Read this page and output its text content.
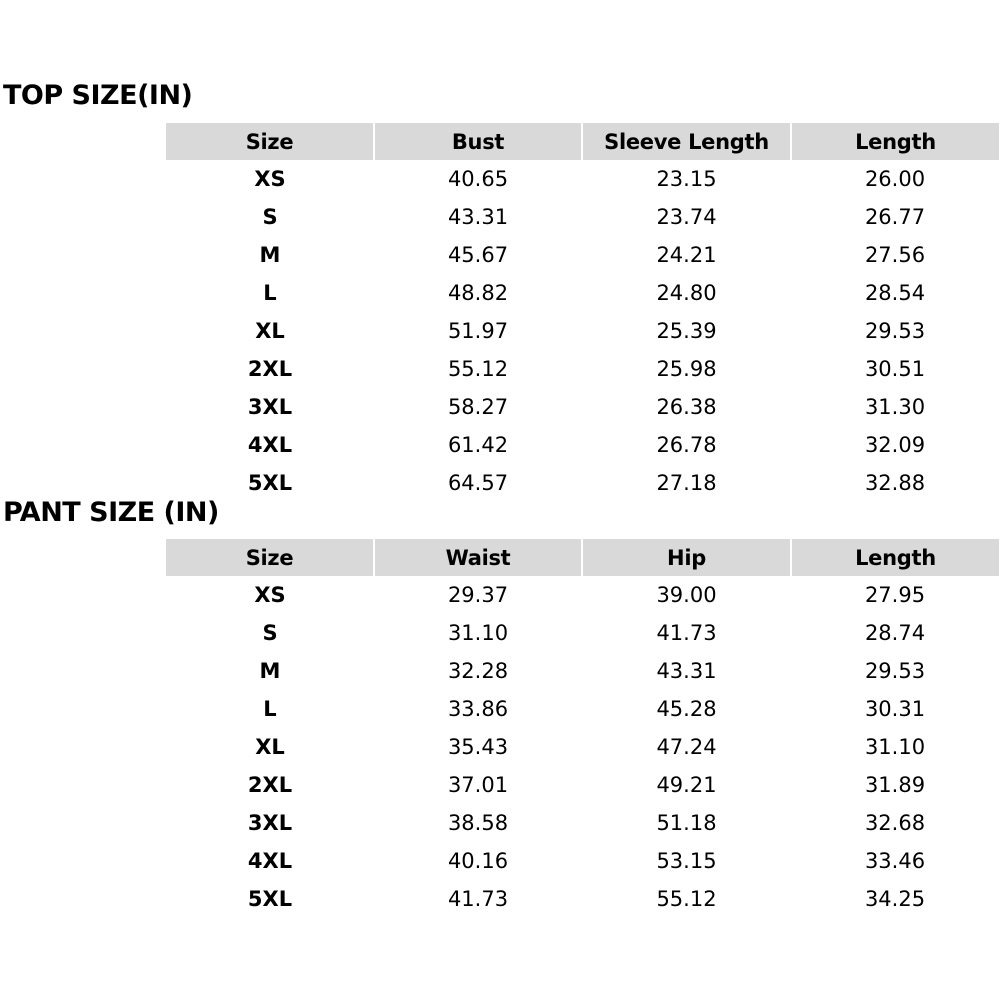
TOP SIZE(IN)
Size	Bust	Sleeve Length	Length
XS	40.65	23.15	26.00
S	43.31	23.74	26.77
M	45.67	24.21	27.56
L	48.82	24.80	28.54
XL	51.97	25.39	29.53
2XL	55.12	25.98	30.51
3XL	58.27	26.38	31.30
4XL	61.42	26.78	32.09
5XL	64.57	27.18	32.88
PANT SIZE (IN)
Size	Waist	Hip	Length
XS	29.37	39.00	27.95
S	31.10	41.73	28.74
M	32.28	43.31	29.53
L	33.86	45.28	30.31
XL	35.43	47.24	31.10
2XL	37.01	49.21	31.89
3XL	38.58	51.18	32.68
4XL	40.16	53.15	33.46
5XL	41.73	55.12	34.25
